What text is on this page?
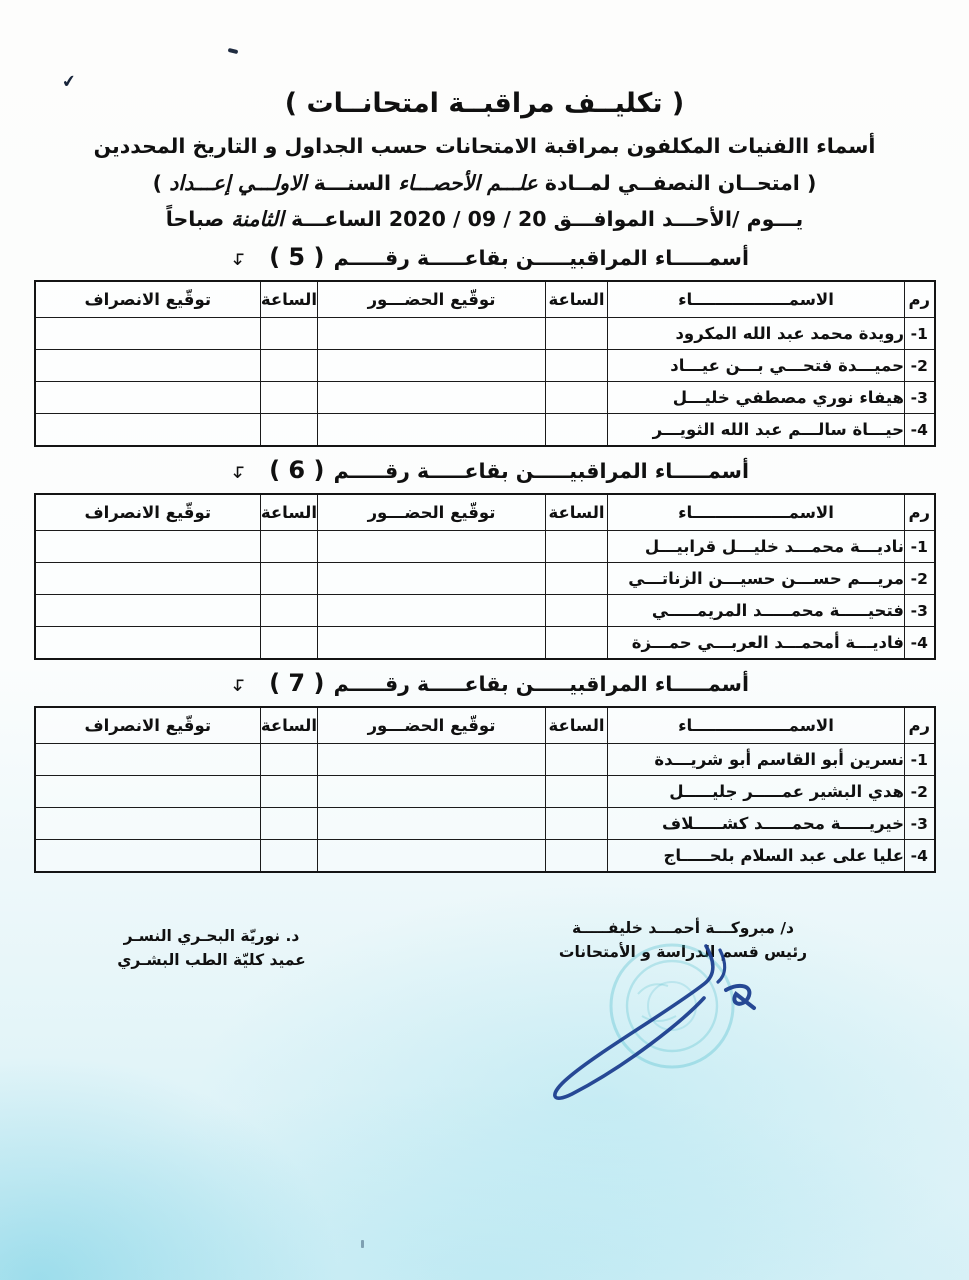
✔
( تكليــف مراقبــة امتحانــات )
أسماء االفنيات المكلفون بمراقبة الامتحانات حسب الجداول و التاريخ المحددين
( امتحــان النصفــي لمــادة علـــم الأحصـــاء السنـــة الاولـــي إعـــداد )
يـــوم /الأحـــد الموافـــق 20 / 09 / 2020 الساعـــة الثامنة صباحاً
أسمـــــاء المراقبيـــــن بقاعـــــة رقـــــم ( 5 ) ↴
رم	الاسمـــــــــــــــــاء	الساعة	توقّيع الحضـــور	الساعة	توقّيع الانصراف
1-	رويدة محمد عبد الله المكرود				
2-	حميـــدة فتحـــي بـــن عيـــاد				
3-	هيفاء نوري مصطفي خليـــل				
4-	حيـــاة سالـــم عبد الله الثويـــر				
أسمـــــاء المراقبيـــــن بقاعـــــة رقـــــم ( 6 ) ↴
رم	الاسمـــــــــــــــــاء	الساعة	توقّيع الحضـــور	الساعة	توقّيع الانصراف
1-	ناديـــة محمـــد خليـــل قرابيـــل				
2-	مريـــم حســـن حسيـــن الزناتـــي				
3-	فتحيـــــة محمـــــد المريمـــــي				
4-	فاديـــة أمحمـــد العربـــي حمـــزة				
أسمـــــاء المراقبيـــــن بقاعـــــة رقـــــم ( 7 ) ↴
رم	الاسمـــــــــــــــــاء	الساعة	توقّيع الحضـــور	الساعة	توقّيع الانصراف
1-	نسرين أبو القاسم أبو شريـــدة				
2-	هدي البشير عمـــــر جليـــــل				
3-	خيريـــــة محمـــــد كشـــــلاف				
4-	عليا على عبد السلام بلحـــــاج				
د. نوريّة البحـري النسـر
عميد كليّة الطب البشـري
د/ مبروكـــة أحمـــد خليفـــــة
رئيس قسم الدراسة و الأمتحانات
